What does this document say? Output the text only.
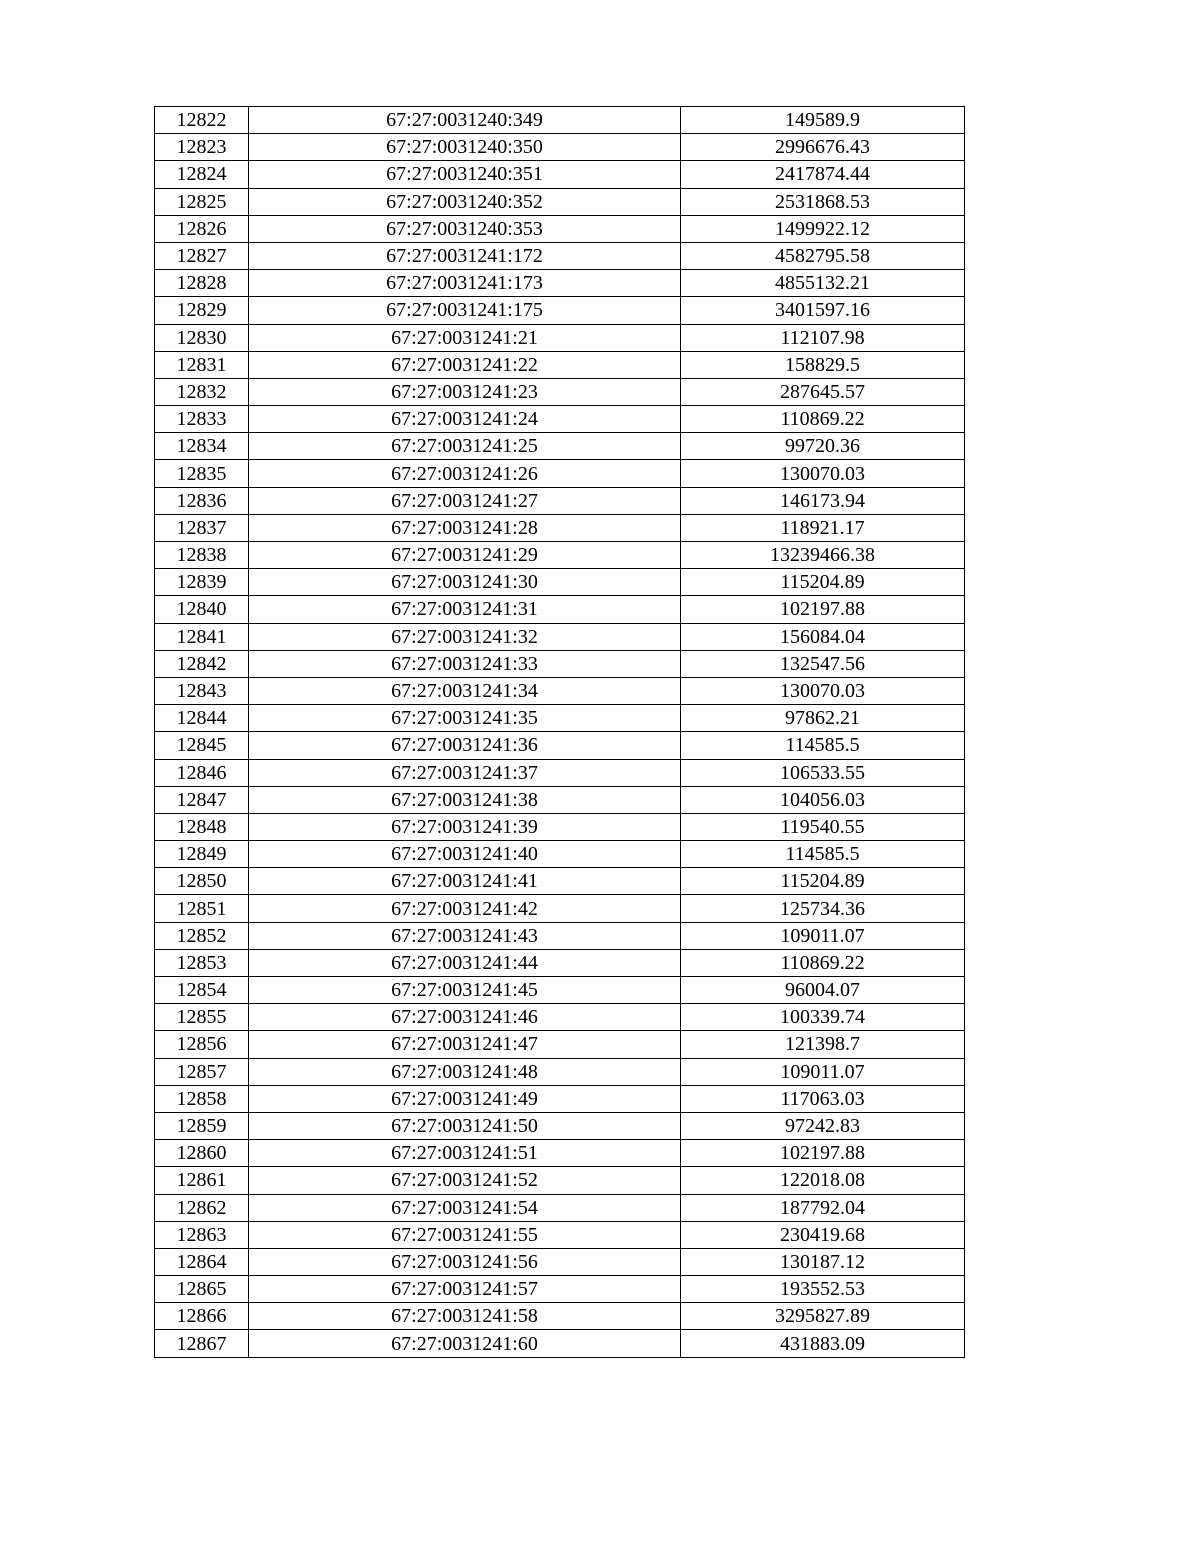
12822	67:27:0031240:349	149589.9
12823	67:27:0031240:350	2996676.43
12824	67:27:0031240:351	2417874.44
12825	67:27:0031240:352	2531868.53
12826	67:27:0031240:353	1499922.12
12827	67:27:0031241:172	4582795.58
12828	67:27:0031241:173	4855132.21
12829	67:27:0031241:175	3401597.16
12830	67:27:0031241:21	112107.98
12831	67:27:0031241:22	158829.5
12832	67:27:0031241:23	287645.57
12833	67:27:0031241:24	110869.22
12834	67:27:0031241:25	99720.36
12835	67:27:0031241:26	130070.03
12836	67:27:0031241:27	146173.94
12837	67:27:0031241:28	118921.17
12838	67:27:0031241:29	13239466.38
12839	67:27:0031241:30	115204.89
12840	67:27:0031241:31	102197.88
12841	67:27:0031241:32	156084.04
12842	67:27:0031241:33	132547.56
12843	67:27:0031241:34	130070.03
12844	67:27:0031241:35	97862.21
12845	67:27:0031241:36	114585.5
12846	67:27:0031241:37	106533.55
12847	67:27:0031241:38	104056.03
12848	67:27:0031241:39	119540.55
12849	67:27:0031241:40	114585.5
12850	67:27:0031241:41	115204.89
12851	67:27:0031241:42	125734.36
12852	67:27:0031241:43	109011.07
12853	67:27:0031241:44	110869.22
12854	67:27:0031241:45	96004.07
12855	67:27:0031241:46	100339.74
12856	67:27:0031241:47	121398.7
12857	67:27:0031241:48	109011.07
12858	67:27:0031241:49	117063.03
12859	67:27:0031241:50	97242.83
12860	67:27:0031241:51	102197.88
12861	67:27:0031241:52	122018.08
12862	67:27:0031241:54	187792.04
12863	67:27:0031241:55	230419.68
12864	67:27:0031241:56	130187.12
12865	67:27:0031241:57	193552.53
12866	67:27:0031241:58	3295827.89
12867	67:27:0031241:60	431883.09
